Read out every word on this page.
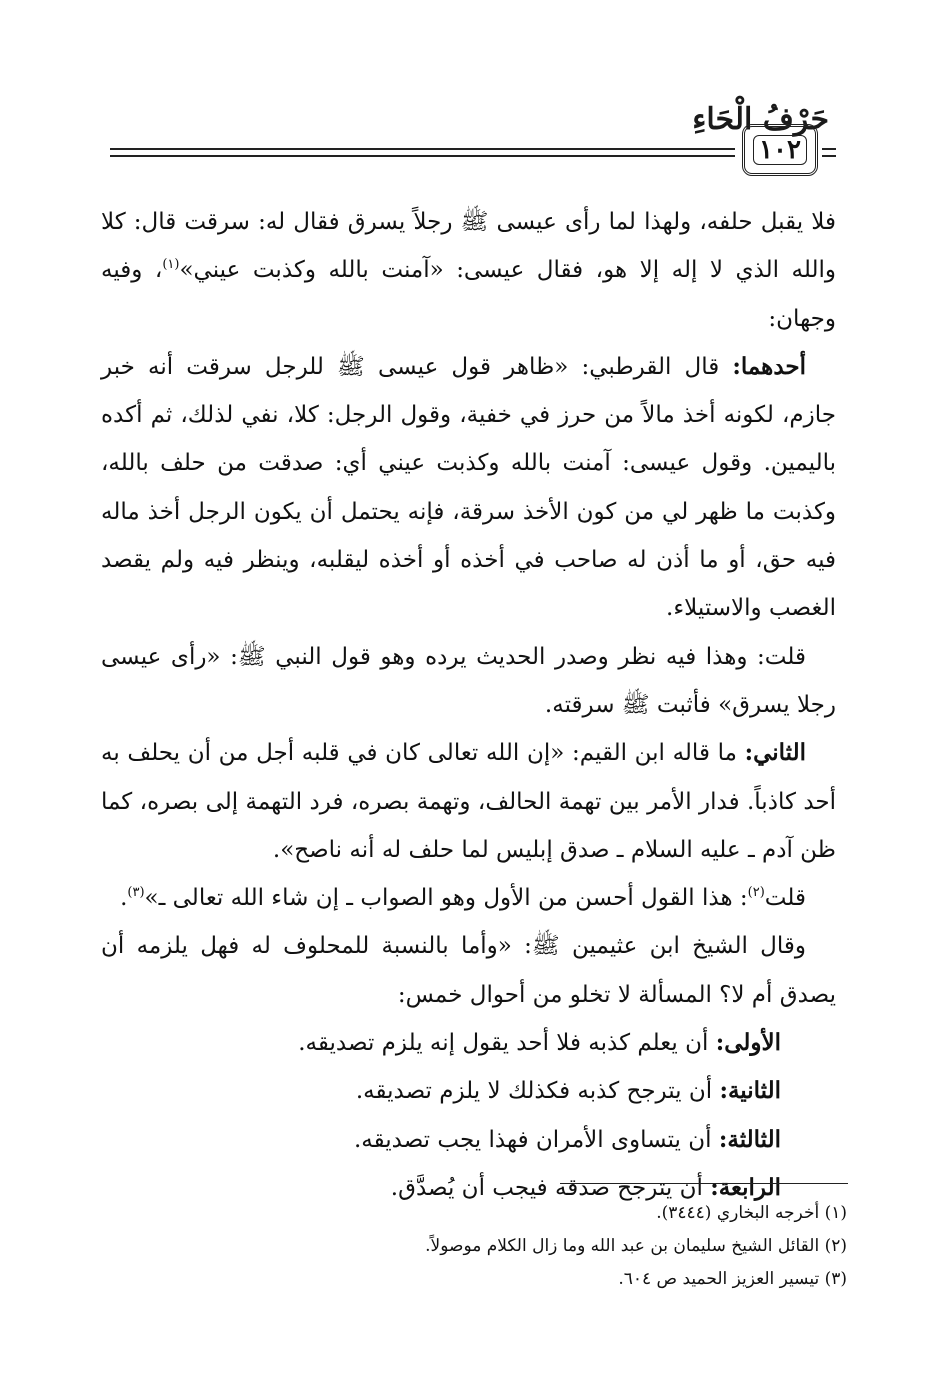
حَرْفُ الْحَاءِ
١٠٢

فلا يقبل حلفه، ولهذا لما رأى عيسى ﷺ رجلاً يسرق فقال له: سرقت قال: كلا والله الذي لا إله إلا هو، فقال عيسى: «آمنت بالله وكذبت عيني»$^{(١)}$، وفيه وجهان:

أحدهما: قال القرطبي: «ظاهر قول عيسى ﷺ للرجل سرقت أنه خبر جازم، لكونه أخذ مالاً من حرز في خفية، وقول الرجل: كلا، نفي لذلك، ثم أكده باليمين. وقول عيسى: آمنت بالله وكذبت عيني أي: صدقت من حلف بالله، وكذبت ما ظهر لي من كون الأخذ سرقة، فإنه يحتمل أن يكون الرجل أخذ ماله فيه حق، أو ما أذن له صاحب في أخذه أو أخذه ليقلبه، وينظر فيه ولم يقصد الغصب والاستيلاء.

قلت: وهذا فيه نظر وصدر الحديث يرده وهو قول النبي ﷺ: «رأى عيسى رجلا يسرق» فأثبت ﷺ سرقته.

الثاني: ما قاله ابن القيم: «إن الله تعالى كان في قلبه أجل من أن يحلف به أحد كاذباً. فدار الأمر بين تهمة الحالف، وتهمة بصره، فرد التهمة إلى بصره، كما ظن آدم ـ عليه السلام ـ صدق إبليس لما حلف له أنه ناصح».

قلت$^{(٢)}$: هذا القول أحسن من الأول وهو الصواب ـ إن شاء الله تعالى ـ»$^{(٣)}$.

وقال الشيخ ابن عثيمين ﷺ: «وأما بالنسبة للمحلوف له فهل يلزمه أن يصدق أم لا؟ المسألة لا تخلو من أحوال خمس:

الأولى: أن يعلم كذبه فلا أحد يقول إنه يلزم تصديقه.

الثانية: أن يترجح كذبه فكذلك لا يلزم تصديقه.

الثالثة: أن يتساوى الأمران فهذا يجب تصديقه.

الرابعة: أن يترجح صدقه فيجب أن يُصدَّق.

(١) أخرجه البخاري (٣٤٤٤).

(٢) القائل الشيخ سليمان بن عبد الله وما زال الكلام موصولاً.

(٣) تيسير العزيز الحميد ص ٦٠٤.
